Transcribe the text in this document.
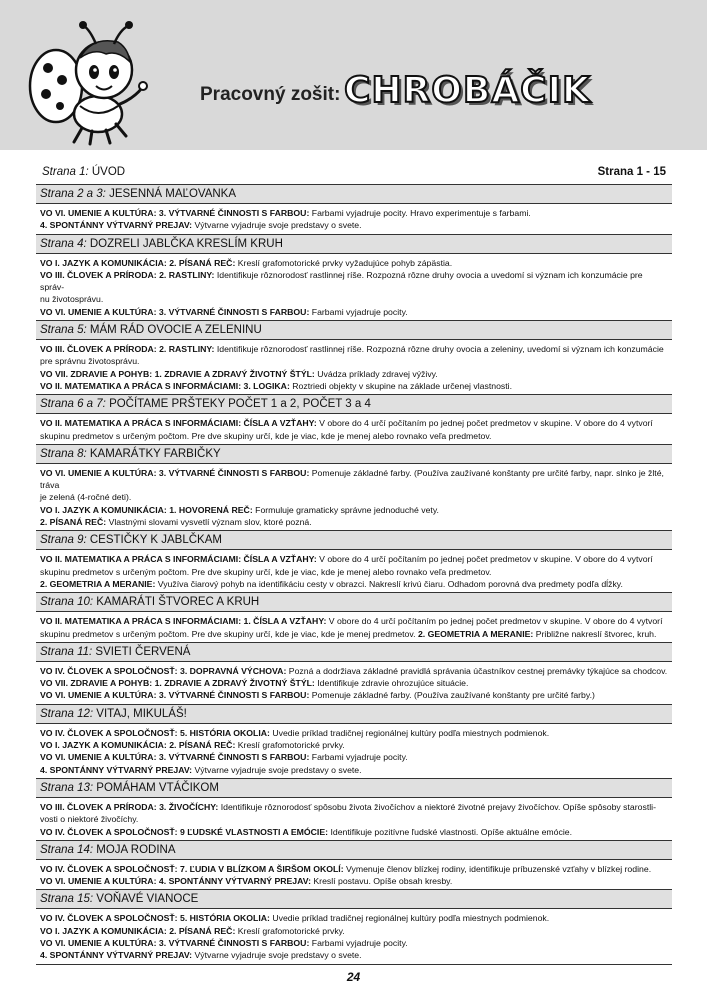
Pracovný zošit: CHROBÁČIK
Strana 1: ÚVOD	Strana 1 - 15
Strana 2 a 3: JESENNÁ MAĽOVANKA
VO VI. UMENIE A KULTÚRA: 3. VÝTVARNÉ ČINNOSTI S FARBOU: Farbami vyjadruje pocity. Hravo experimentuje s farbami.
4. SPONTÁNNY VÝTVARNÝ PREJAV: Výtvarne vyjadruje svoje predstavy o svete.
Strana 4: DOZRELI JABLČKA KRESLÍM KRUH
VO I. JAZYK A KOMUNIKÁCIA: 2. PÍSANÁ REČ: Kreslí grafomotorické prvky vyžadujúce pohyb zápästia.
VO III. ČLOVEK A PRÍRODA: 2. RASTLINY: Identifikuje rôznorodosť rastlinnej ríše. Rozpozná rôzne druhy ovocia a uvedomí si význam ich konzumácie pre správ-
nu životosprávu.
VO VI. UMENIE A KULTÚRA: 3. VÝTVARNÉ ČINNOSTI S FARBOU: Farbami vyjadruje pocity.
Strana 5: MÁM RÁD OVOCIE A ZELENINU
VO III. ČLOVEK A PRÍRODA: 2. RASTLINY: Identifikuje rôznorodosť rastlinnej ríše. Rozpozná rôzne druhy ovocia a zeleniny, uvedomí si význam ich konzumácie
pre správnu životosprávu.
VO VII. ZDRAVIE A POHYB: 1. ZDRAVIE A ZDRAVÝ ŽIVOTNÝ ŠTÝL: Uvádza príklady zdravej výživy.
VO II. MATEMATIKA A PRÁCA S INFORMÁCIAMI: 3. LOGIKA: Roztriedi objekty v skupine na základe určenej vlastnosti.
Strana 6 a 7: POČÍTAME PRŠTEKY POČET 1 a 2, POČET 3 a 4
VO II. MATEMATIKA A PRÁCA S INFORMÁCIAMI: ČÍSLA A VZŤAHY: V obore do 4 určí počítaním po jednej počet predmetov v skupine. V obore do 4 vytvorí
skupinu predmetov s určeným počtom. Pre dve skupiny určí, kde je viac, kde je menej alebo rovnako veľa predmetov.
Strana 8: KAMARÁTKY FARBIČKY
VO VI. UMENIE A KULTÚRA: 3. VÝTVARNÉ ČINNOSTI S FARBOU: Pomenuje základné farby. (Používa zaužívané konštanty pre určité farby, napr. slnko je žlté, tráva
je zelená (4-ročné deti).
VO I. JAZYK A KOMUNIKÁCIA: 1. HOVORENÁ REČ: Formuluje gramaticky správne jednoduché vety.
2. PÍSANÁ REČ: Vlastnými slovami vysvetlí význam slov, ktoré pozná.
Strana 9: CESTIČKY K JABLČKAM
VO II. MATEMATIKA A PRÁCA S INFORMÁCIAMI: ČÍSLA A VZŤAHY: V obore do 4 určí počítaním po jednej počet predmetov v skupine. V obore do 4 vytvorí
skupinu predmetov s určeným počtom. Pre dve skupiny určí, kde je viac, kde je menej alebo rovnako veľa predmetov.
2. GEOMETRIA A MERANIE: Využíva čiarový pohyb na identifikáciu cesty v obrazci. Nakreslí krivú čiaru. Odhadom porovná dva predmety podľa dĺžky.
Strana 10: KAMARÁTI ŠTVOREC A KRUH
VO II. MATEMATIKA A PRÁCA S INFORMÁCIAMI: 1. ČÍSLA A VZŤAHY: V obore do 4 určí počítaním po jednej počet predmetov v skupine. V obore do 4 vytvorí
skupinu predmetov s určeným počtom. Pre dve skupiny určí, kde je viac, kde je menej predmetov. 2. GEOMETRIA A MERANIE: Približne nakreslí štvorec, kruh.
Strana 11: SVIETI ČERVENÁ
VO IV. ČLOVEK A SPOLOČNOSŤ: 3. DOPRAVNÁ VÝCHOVA: Pozná a dodržiava základné pravidlá správania účastníkov cestnej premávky týkajúce sa chodcov.
VO VII. ZDRAVIE A POHYB: 1. ZDRAVIE A ZDRAVÝ ŽIVOTNÝ ŠTÝL: Identifikuje zdravie ohrozujúce situácie.
VO VI. UMENIE A KULTÚRA: 3. VÝTVARNÉ ČINNOSTI S FARBOU: Pomenuje základné farby. (Používa zaužívané konštanty pre určité farby.)
Strana 12: VITAJ, MIKULÁŠ!
VO IV. ČLOVEK A SPOLOČNOSŤ: 5. HISTÓRIA OKOLIA: Uvedie príklad tradičnej regionálnej kultúry podľa miestnych podmienok.
VO I. JAZYK A KOMUNIKÁCIA: 2. PÍSANÁ REČ: Kreslí grafomotorické prvky.
VO VI. UMENIE A KULTÚRA: 3. VÝTVARNÉ ČINNOSTI S FARBOU: Farbami vyjadruje pocity.
4. SPONTÁNNY VÝTVARNÝ PREJAV: Výtvarne vyjadruje svoje predstavy o svete.
Strana 13: POMÁHAM VTÁČIKOM
VO III. ČLOVEK A PRÍRODA: 3. ŽIVOČÍCHY: Identifikuje rôznorodosť spôsobu života živočíchov a niektoré životné prejavy živočíchov. Opíše spôsoby starostli-
vosti o niektoré živočíchy.
VO IV. ČLOVEK A SPOLOČNOSŤ: 9 ĽUDSKÉ VLASTNOSTI A EMÓCIE: Identifikuje pozitívne ľudské vlastnosti. Opíše aktuálne emócie.
Strana 14: MOJA RODINA
VO IV. ČLOVEK A SPOLOČNOSŤ: 7. ĽUDIA V BLÍZKOM A ŠIRŠOM OKOLÍ: Vymenuje členov blízkej rodiny, identifikuje príbuzenské vzťahy v blízkej rodine.
VO VI. UMENIE A KULTÚRA: 4. SPONTÁNNY VÝTVARNÝ PREJAV: Kreslí postavu. Opíše obsah kresby.
Strana 15: VOŇAVÉ VIANOCE
VO IV. ČLOVEK A SPOLOČNOSŤ: 5. HISTÓRIA OKOLIA: Uvedie príklad tradičnej regionálnej kultúry podľa miestnych podmienok.
VO I. JAZYK A KOMUNIKÁCIA: 2. PÍSANÁ REČ: Kreslí grafomotorické prvky.
VO VI. UMENIE A KULTÚRA: 3. VÝTVARNÉ ČINNOSTI S FARBOU: Farbami vyjadruje pocity.
4. SPONTÁNNY VÝTVARNÝ PREJAV: Výtvarne vyjadruje svoje predstavy o svete.
24
